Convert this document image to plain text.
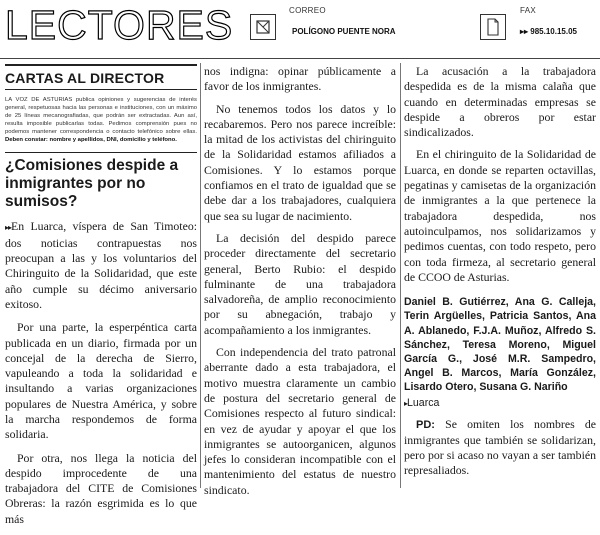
LECTORES	CORREO
POLÍGONO PUENTE NORA
FAX
▸▸ 985.10.15.05
CARTAS AL DIRECTOR
LA VOZ DE ASTURIAS publica opiniones y sugerencias de interés general, respetuosas hacia las personas e instituciones, con un máximo de 25 líneas mecanografiadas, que podrán ser extractadas. Aun así, resulta imposible publicarlas todas. Pedimos comprensión pues no podemos mantener correspondencia o contacto telefónico sobre ellas. Deben constar: nombre y apellidos, DNI, domicilio y teléfono.
¿Comisiones despide a inmigrantes por no sumisos?

▸▸En Luarca, víspera de San Timoteo: dos noticias contrapuestas nos preocupan a las y los voluntarios del Chiringuito de la Solidaridad, que este año cumple su décimo aniversario exitoso.

Por una parte, la esperpéntica carta publicada en un diario, firmada por un concejal de la derecha de Sierro, vapuleando a toda la solidaridad e insultando a varias organizaciones populares de Nuestra América, y sobre la marcha respondemos de forma solidaria.

Por otra, nos llega la noticia del despido improcedente de una trabajadora del CITE de Comisiones Obreras: la razón esgrimida es lo que más

nos indigna: opinar públicamente a favor de los inmigrantes.

No tenemos todos los datos y lo recabaremos. Pero nos parece increíble: la mitad de los activistas del chiringuito de la Solidaridad estamos afiliados a Comisiones. Y lo estamos porque confiamos en el trato de igualdad que se debe dar a los trabajadores, cualquiera que sea su lugar de nacimiento.

La decisión del despido parece proceder directamente del secretario general, Berto Rubio: el despido fulminante de una trabajadora salvadoreña, de amplio reconocimiento por su abnegación, trabajo y acompañamiento a los inmigrantes.

Con independencia del trato patronal aberrante dado a esta trabajadora, el motivo muestra claramente un cambio de postura del secretario general de Comisiones respecto al futuro sindical: en vez de ayudar y apoyar el que los inmigrantes se autoorganicen, algunos jefes lo consideran incompatible con el mantenimiento del estatus de nuestro sindicato.

La acusación a la trabajadora despedida es de la misma calaña que cuando en determinadas empresas se despide a obreros por estar sindicalizados.

En el chiringuito de la Solidaridad de Luarca, en donde se reparten octavillas, pegatinas y camisetas de la organización de inmigrantes a la que pertenece la trabajadora despedida, nos autoinculpamos, nos solidarizamos y pedimos cuentas, con todo respeto, pero con toda firmeza, al secretario general de CCOO de Asturias.

Daniel B. Gutiérrez, Ana G. Calleja, Terin Argüelles, Patricia Santos, Ana A. Ablanedo, F.J.A. Muñoz, Alfredo S. Sánchez, Teresa Moreno, Miguel García G., José M.R. Sampedro, Angel B. Marcos, María González, Lisardo Otero, Susana G. Nariño
▸Luarca
PD: Se omiten los nombres de inmigrantes que también se solidarizan, pero por si acaso no vayan a ser también represaliados.
